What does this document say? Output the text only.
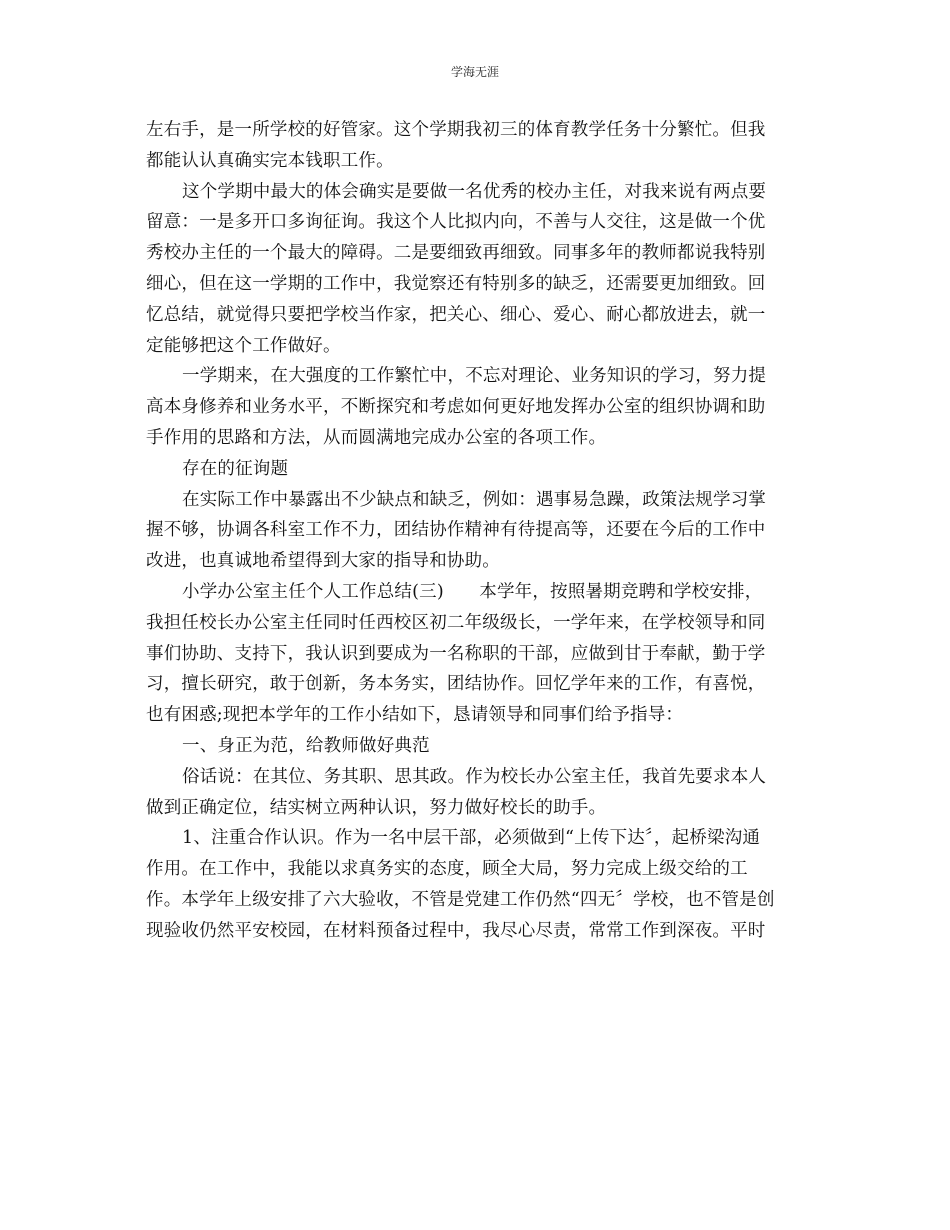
学海无涯
左右手，是一所学校的好管家。这个学期我初三的体育教学任务十分繁忙。但我
都能认认真确实完本钱职工作。
这个学期中最大的体会确实是要做一名优秀的校办主任，对我来说有两点要
留意：一是多开口多询征询。我这个人比拟内向，不善与人交往，这是做一个优
秀校办主任的一个最大的障碍。二是要细致再细致。同事多年的教师都说我特别
细心，但在这一学期的工作中，我觉察还有特别多的缺乏，还需要更加细致。回
忆总结，就觉得只要把学校当作家，把关心、细心、爱心、耐心都放进去，就一
定能够把这个工作做好。
一学期来，在大强度的工作繁忙中，不忘对理论、业务知识的学习，努力提
高本身修养和业务水平，不断探究和考虑如何更好地发挥办公室的组织协调和助
手作用的思路和方法，从而圆满地完成办公室的各项工作。
存在的征询题
在实际工作中暴露出不少缺点和缺乏，例如：遇事易急躁，政策法规学习掌
握不够，协调各科室工作不力，团结协作精神有待提高等，还要在今后的工作中
改进，也真诚地希望得到大家的指导和协助。
小学办公室主任个人工作总结(三)　　本学年，按照暑期竞聘和学校安排，
我担任校长办公室主任同时任西校区初二年级级长，一学年来，在学校领导和同
事们协助、支持下，我认识到要成为一名称职的干部，应做到甘于奉献，勤于学
习，擅长研究，敢于创新，务本务实，团结协作。回忆学年来的工作，有喜悦，
也有困惑;现把本学年的工作小结如下，恳请领导和同事们给予指导：
一、身正为范，给教师做好典范
俗话说：在其位、务其职、思其政。作为校长办公室主任，我首先要求本人
做到正确定位，结实树立两种认识，努力做好校长的助手。
1、注重合作认识。作为一名中层干部，必须做到“上传下达〞，起桥梁沟通
作用。在工作中，我能以求真务实的态度，顾全大局，努力完成上级交给的工
作。本学年上级安排了六大验收，不管是党建工作仍然“四无〞学校，也不管是创
现验收仍然平安校园，在材料预备过程中，我尽心尽责，常常工作到深夜。平时
